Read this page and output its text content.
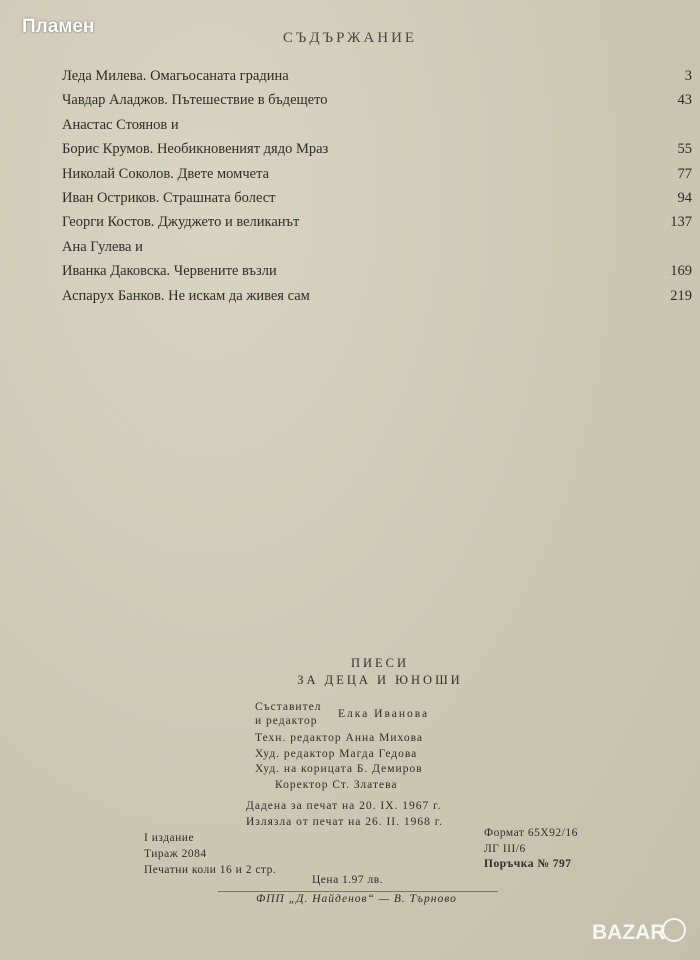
Пламен
СЪДЪРЖАНИЕ
Леда Милева. Омагьосаната градина	3
Чавдар Аладжов. Пътешествие в бъдещето	43
Анастас Стоянов и
Борис Крумов. Необикновеният дядо Мраз	55
Николай Соколов. Двете момчета	77
Иван Остриков. Страшната болест	94
Георги Костов. Джуджето и великанът	137
Ана Гулева и
Иванка Даковска. Червените възли	169
Аспарух Банков. Не искам да живея сам	219
ПИЕСИ
ЗА ДЕЦА И ЮНОШИ
Съставител
и редактор
Елка Иванова
Техн. редактор Анна Михова
Худ. редактор Магда Гедова
Худ. на корицата Б. Демиров
Коректор Ст. Златева
Дадена за печат на 20. IX. 1967 г.
Излязла от печат на 26. II. 1968 г.
I издание
Тираж 2084
Печатни коли 16 и 2 стр.
Формат 65X92/16
ЛГ III/6
Поръчка № 797
Цена 1.97 лв.
ФПП „Д. Найденов“ — В. Търново
BAZAR
